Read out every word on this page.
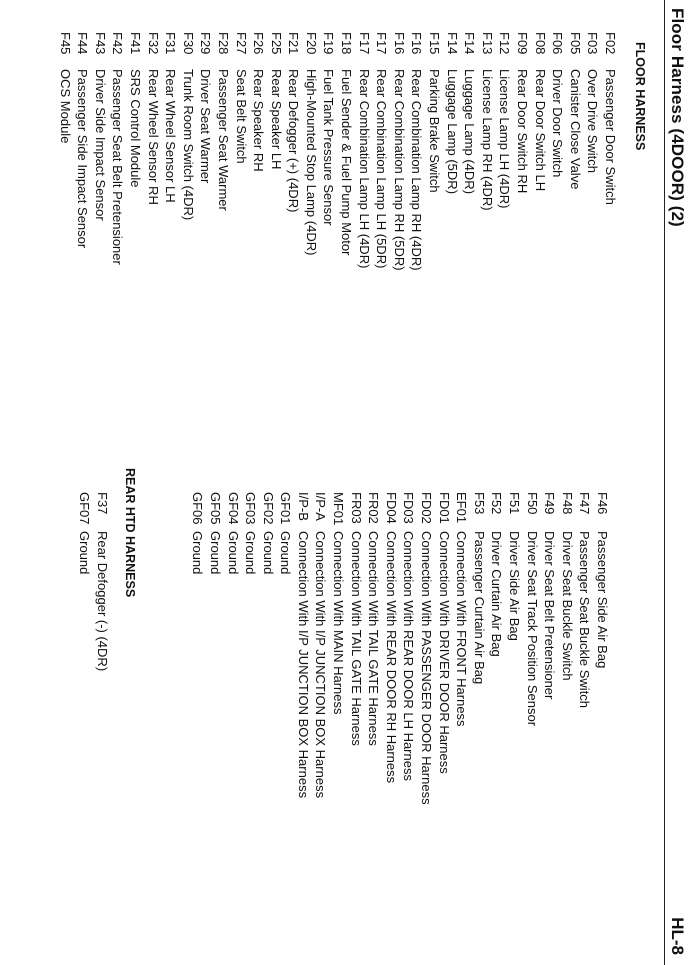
Floor Harness (4DOOR) (2)
HL-8
FLOOR HARNESS
F02
Passenger Door Switch
F03
Over Drive Switch
F05
Canister Close Valve
F06
Driver Door Switch
F08
Rear Door Switch LH
F09
Rear Door Switch RH
F12
License Lamp LH (4DR)
F13
License Lamp RH (4DR)
F14
Luggage Lamp (4DR)
F14
Luggage Lamp (5DR)
F15
Parking Brake Switch
F16
Rear Combination Lamp RH (4DR)
F16
Rear Combination Lamp RH (5DR)
F17
Rear Combination Lamp LH (5DR)
F17
Rear Combination Lamp LH (4DR)
F18
Fuel Sender & Fuel Pump Motor
F19
Fuel Tank Pressure Sensor
F20
High-Mounted Stop Lamp (4DR)
F21
Rear Defogger (+) (4DR)
F25
Rear Speaker LH
F26
Rear Speaker RH
F27
Seat Belt Switch
F28
Passenger Seat Warmer
F29
Driver Seat Warmer
F30
Trunk Room Switch (4DR)
F31
Rear Wheel Sensor LH
F32
Rear Wheel Sensor RH
F41
SRS Control Module
F42
Passenger Seat Belt Pretensioner
F43
Driver Side Impact Sensor
F44
Passenger Side Impact Sensor
F45
OCS Module
F46
Passenger Side Air Bag
F47
Passenger Seat Buckle Switch
F48
Driver Seat Buckle Switch
F49
Driver Seat Belt Pretensioner
F50
Driver Seat Track Position Sensor
F51
Driver Side Air Bag
F52
Driver Curtain Air Bag
F53
Passenger Curtain Air Bag
EF01
Connection With FRONT Harness
FD01
Connection With DRIVER DOOR Harness
FD02
Connection With PASSENGER DOOR Harness
FD03
Connection With REAR DOOR LH Harness
FD04
Connection With REAR DOOR RH Harness
FR02
Connection With TAIL GATE Harness
FR03
Connection With TAIL GATE Harness
MF01
Connection With MAIN Harness
I/P-A
Connection With I/P JUNCTION BOX Harness
I/P-B
Connection With I/P JUNCTION BOX Harness
GF01
Ground
GF02
Ground
GF03
Ground
GF04
Ground
GF05
Ground
GF06
Ground
REAR HTD HARNESS
F37
Rear Defogger (-) (4DR)
GF07
Ground
